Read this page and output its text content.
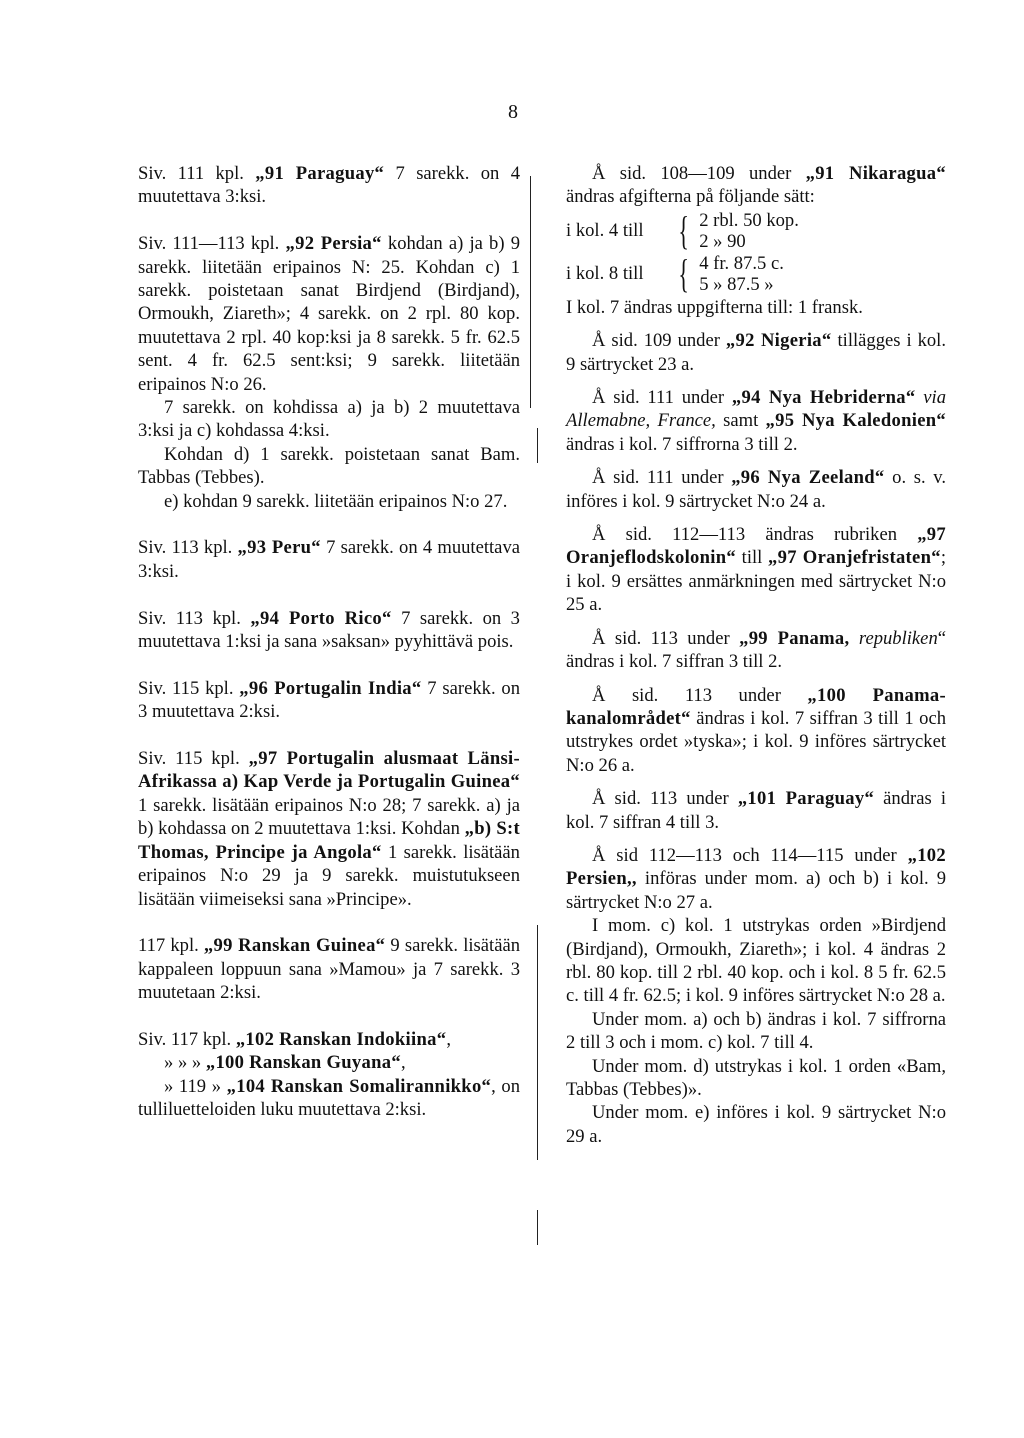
8

Siv. 111 kpl. „91 Paraguay“ 7 sarekk. on 4 muutettava 3:ksi.

Siv. 111—113 kpl. „92 Persia“ kohdan a) ja b) 9 sarekk. liitetään eripainos N: 25. Kohdan c) 1 sarekk. poistetaan sanat Birdjend (Birdjand), Ormoukh, Ziareth»; 4 sarekk. on 2 rpl. 80 kop. muutettava 2 rpl. 40 kop:ksi ja 8 sarekk. 5 fr. 62.5 sent. 4 fr. 62.5 sent:ksi; 9 sarekk. liitetään eripainos N:o 26.

7 sarekk. on kohdissa a) ja b) 2 muutettava 3:ksi ja c) kohdassa 4:ksi.

Kohdan d) 1 sarekk. poistetaan sanat Bam. Tabbas (Tebbes).

e) kohdan 9 sarekk. liitetään eripainos N:o 27.

Siv. 113 kpl. „93 Peru“ 7 sarekk. on 4 muutettava 3:ksi.

Siv. 113 kpl. „94 Porto Rico“ 7 sarekk. on 3 muutettava 1:ksi ja sana »saksan» pyyhittävä pois.

Siv. 115 kpl. „96 Portugalin India“ 7 sarekk. on 3 muutettava 2:ksi.

Siv. 115 kpl. „97 Portugalin alusmaat Länsi-Afrikassa a) Kap Verde ja Portugalin Guinea“ 1 sarekk. lisätään eripainos N:o 28; 7 sarekk. a) ja b) kohdassa on 2 muutettava 1:ksi. Kohdan „b) S:t Thomas, Principe ja Angola“ 1 sarekk. lisätään eripainos N:o 29 ja 9 sarekk. muistutukseen lisätään viimeiseksi sana »Principe».

117 kpl. „99 Ranskan Guinea“ 9 sarekk. lisätään kappaleen loppuun sana »Mamou» ja 7 sarekk. 3 muutetaan 2:ksi.

Siv. 117 kpl. „102 Ranskan Indokiina“,

» » » „100 Ranskan Guyana“,

» 119 » „104 Ranskan Somalirannikko“, on tulliluetteloiden luku muutettava 2:ksi.

Å sid. 108—109 under „91 Nikaragua“ ändras afgifterna på följande sätt:

i kol. 4 till { 2 rbl. 50 kop.
2 » 90
i kol. 8 till { 4 fr. 87.5 c.
5 » 87.5 »

I kol. 7 ändras uppgifterna till: 1 fransk.

Å sid. 109 under „92 Nigeria“ tillägges i kol. 9 särtrycket 23 a.

Å sid. 111 under „94 Nya Hebriderna“ via Allemabne, France, samt „95 Nya Kaledonien“ ändras i kol. 7 siffrorna 3 till 2.

Å sid. 111 under „96 Nya Zeeland“ o. s. v. införes i kol. 9 särtrycket N:o 24 a.

Å sid. 112—113 ändras rubriken „97 Oranjeflodskolonin“ till „97 Oranjefristaten“; i kol. 9 ersättes anmärkningen med särtrycket N:o 25 a.

Å sid. 113 under „99 Panama, republiken“ ändras i kol. 7 siffran 3 till 2.

Å sid. 113 under „100 Panama-kanalområdet“ ändras i kol. 7 siffran 3 till 1 och utstrykes ordet »tyska»; i kol. 9 införes särtrycket N:o 26 a.

Å sid. 113 under „101 Paraguay“ ändras i kol. 7 siffran 4 till 3.

Å sid 112—113 och 114—115 under „102 Persien,, införas under mom. a) och b) i kol. 9 särtrycket N:o 27 a.

I mom. c) kol. 1 utstrykas orden »Birdjend (Birdjand), Ormoukh, Ziareth»; i kol. 4 ändras 2 rbl. 80 kop. till 2 rbl. 40 kop. och i kol. 8 5 fr. 62.5 c. till 4 fr. 62.5; i kol. 9 införes särtrycket N:o 28 a.

Under mom. a) och b) ändras i kol. 7 siffrorna 2 till 3 och i mom. c) kol. 7 till 4.

Under mom. d) utstrykas i kol. 1 orden «Bam, Tabbas (Tebbes)».

Under mom. e) införes i kol. 9 särtrycket N:o 29 a.
